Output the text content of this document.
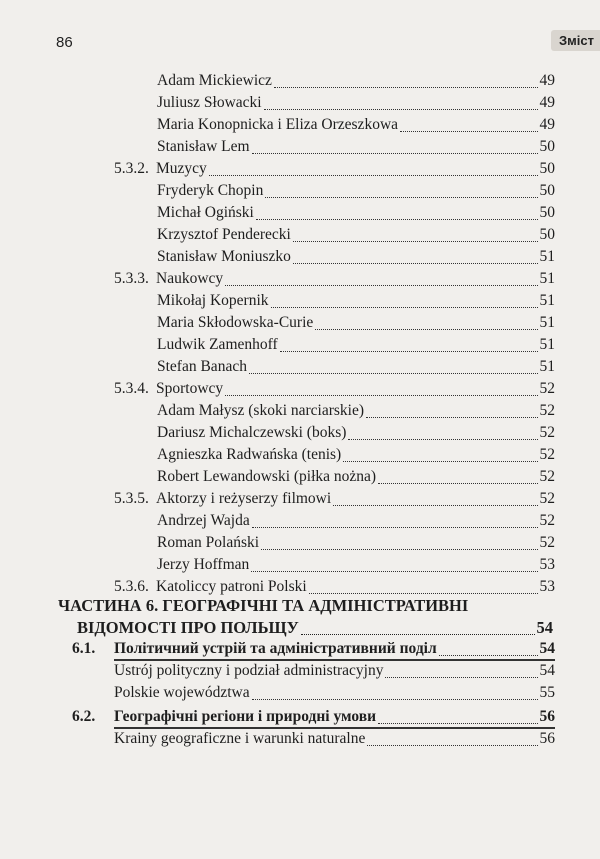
86	Зміст
Adam Mickiewicz	49
Juliusz Słowacki	49
Maria Konopnicka i Eliza Orzeszkowa	49
Stanisław Lem	50
5.3.2. Muzycy	50
Fryderyk Chopin	50
Michał Ogiński	50
Krzysztof Penderecki	50
Stanisław Moniuszko	51
5.3.3. Naukowcy	51
Mikołaj Kopernik	51
Maria Skłodowska-Curie	51
Ludwik Zamenhoff	51
Stefan Banach	51
5.3.4. Sportowcy	52
Adam Małysz (skoki narciarskie)	52
Dariusz Michalczewski (boks)	52
Agnieszka Radwańska (tenis)	52
Robert Lewandowski (piłka nożna)	52
5.3.5. Aktorzy i reżyserzy filmowi	52
Andrzej Wajda	52
Roman Polański	52
Jerzy Hoffman	53
5.3.6. Katoliccy patroni Polski	53
ЧАСТИНА 6. ГЕОГРАФІЧНІ ТА АДМІНІСТРАТИВНІ
ВІДОМОСТІ ПРО ПОЛЬЩУ	54
6.1.	Політичний устрій та адміністративний поділ	54
Ustrój polityczny i podział administracyjny	54
Polskie województwa	55
6.2.	Географічні регіони і природні умови	56
Krainy geograficzne i warunki naturalne	56
